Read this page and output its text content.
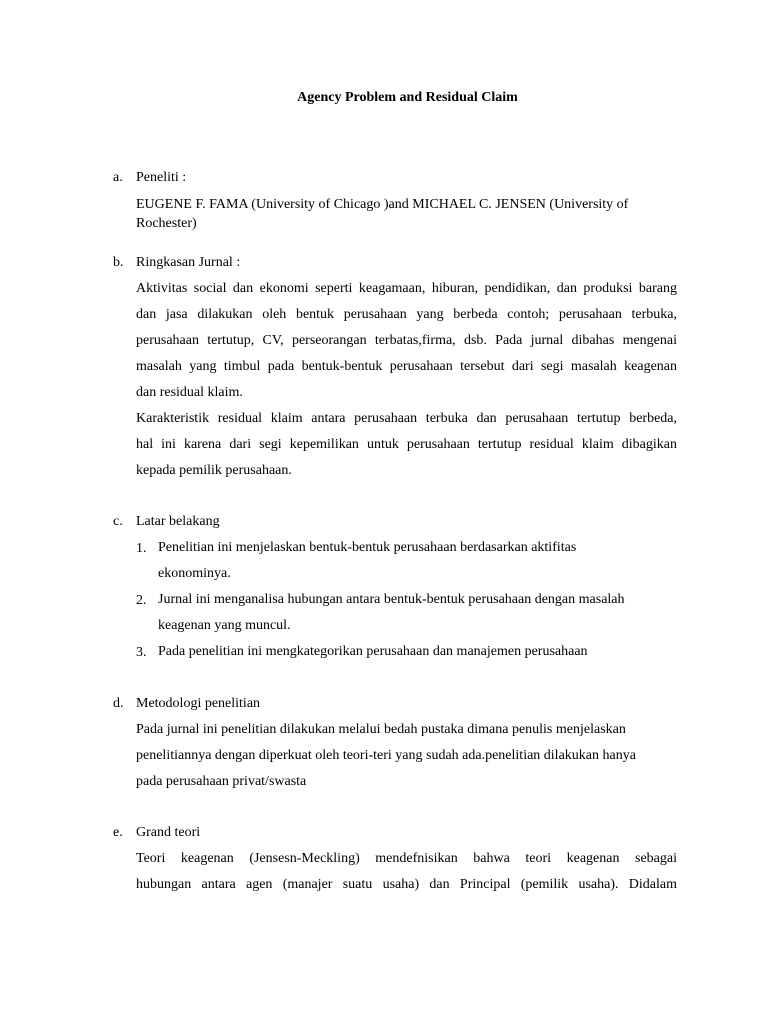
Agency Problem and Residual Claim
a. Peneliti :
EUGENE F. FAMA (University of Chicago )and MICHAEL C. JENSEN (University of
Rochester)
b. Ringkasan Jurnal :
Aktivitas social dan ekonomi seperti keagamaan, hiburan, pendidikan, dan produksi barang
dan jasa dilakukan oleh bentuk perusahaan yang berbeda contoh; perusahaan terbuka,
perusahaan tertutup, CV, perseorangan terbatas,firma, dsb. Pada jurnal dibahas mengenai
masalah yang timbul pada bentuk-bentuk perusahaan tersebut dari segi masalah keagenan
dan residual klaim.
Karakteristik residual klaim antara perusahaan terbuka dan perusahaan tertutup berbeda,
hal ini karena dari segi kepemilikan untuk perusahaan tertutup residual klaim dibagikan
kepada pemilik perusahaan.
c. Latar belakang
1. Penelitian ini menjelaskan bentuk-bentuk perusahaan berdasarkan aktifitas
ekonominya.
2. Jurnal ini menganalisa hubungan antara bentuk-bentuk perusahaan dengan masalah
keagenan yang muncul.
3. Pada penelitian ini mengkategorikan perusahaan dan manajemen perusahaan
d. Metodologi penelitian
Pada jurnal ini penelitian dilakukan melalui bedah pustaka dimana penulis menjelaskan
penelitiannya dengan diperkuat oleh teori-teri yang sudah ada.penelitian dilakukan hanya
pada perusahaan privat/swasta
e. Grand teori
Teori keagenan (Jensesn-Meckling) mendefnisikan bahwa teori keagenan sebagai
hubungan antara agen (manajer suatu usaha) dan Principal (pemilik usaha). Didalam
